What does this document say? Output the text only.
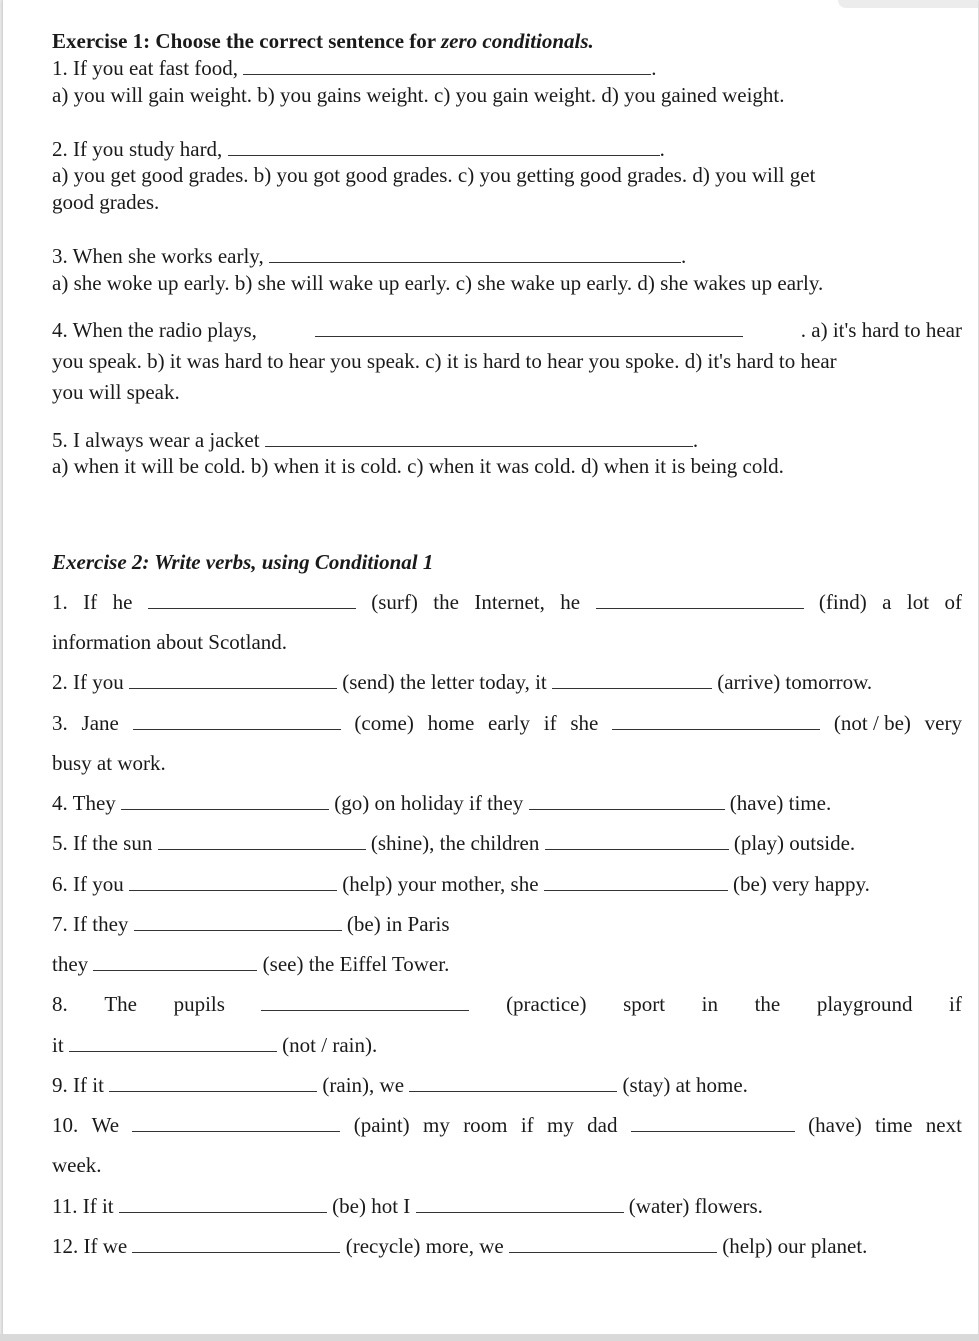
Exercise 1: Choose the correct sentence for zero conditionals.
1. If you eat fast food,	.
a) you will gain weight. b) you gains weight. c) you gain weight. d) you gained weight.
2. If you study hard,	.
a) you get good grades. b) you got good grades. c) you getting good grades. d) you will get
good grades.
3. When she works early,	.
a) she woke up early. b) she will wake up early. c) she wake up early. d) she wakes up early.
4. When the radio plays,	. a) it's hard to hear
you speak. b) it was hard to hear you speak. c) it is hard to hear you spoke. d) it's hard to hear
you will speak.
5. I always wear a jacket	.
a) when it will be cold. b) when it is cold. c) when it was cold. d) when it is being cold.
Exercise 2: Write verbs, using Conditional 1
1. If he	(surf) the Internet, he	(find) a lot of
information about Scotland.
2. If you	(send) the letter today, it	(arrive) tomorrow.
3. Jane	(come) home early if she	(not / be) very
busy at work.
4. They	(go) on holiday if they	(have) time.
5. If the sun	(shine), the children	(play) outside.
6. If you	(help) your mother, she	(be) very happy.
7. If they	(be) in Paris
they	(see) the Eiffel Tower.
8. The pupils	(practice) sport in the playground if
it	(not / rain).
9. If it	(rain), we	(stay) at home.
10. We	(paint) my room if my dad	(have) time next
week.
11. If it	(be) hot I	(water) flowers.
12. If we	(recycle) more, we	(help) our planet.
